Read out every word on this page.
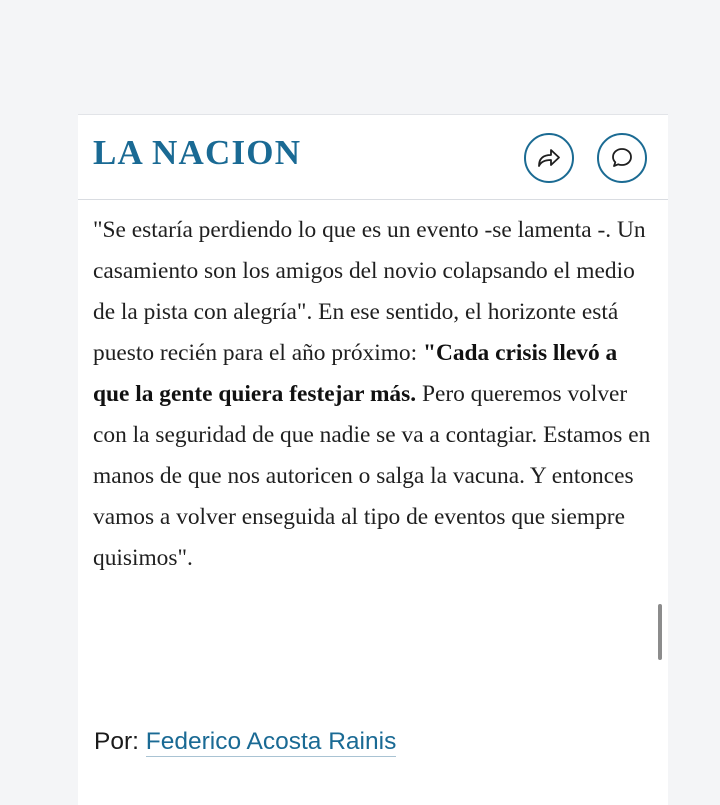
LA NACION

"Se estaría perdiendo lo que es un evento -se lamenta -. Un casamiento son los amigos del novio colapsando el medio de la pista con alegría". En ese sentido, el horizonte está puesto recién para el año próximo: "Cada crisis llevó a que la gente quiera festejar más. Pero queremos volver con la seguridad de que nadie se va a contagiar. Estamos en manos de que nos autoricen o salga la vacuna. Y entonces vamos a volver enseguida al tipo de eventos que siempre quisimos".

Por: Federico Acosta Rainis
